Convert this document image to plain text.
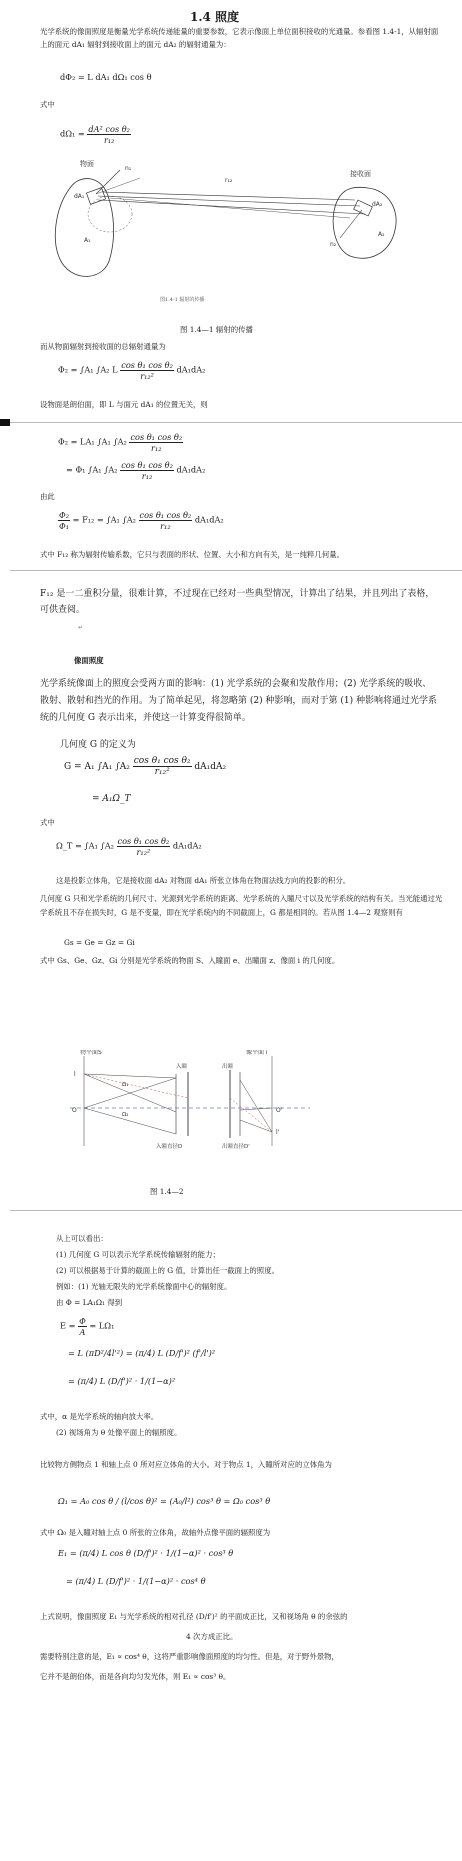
1.4 照度
光学系统的像面照度是衡量光学系统传递能量的重要参数，它表示像面上单位面积接收的光通量。参看图 1.4-1，从辐射面上的面元 dA₁ 辐射到接收面上的面元 dA₂ 的辐射通量为：
dΦ₂ = L dA₁ dΩ₁ cos θ
式中
$d\Omega_1 = \frac{\text{dA² cos θ₂}}{\text{r₁₂}}$
物面
接收面
r₁₂
n₁
n₂
dA₁
dA₂
A₁
A₂
图1.4-1 辐射的传播
图 1.4—1 辐射的传播
而从物面辐射到接收面的总辐射通量为
Φ₂ = ∫A₁ ∫A₂ L $\frac{\text{cos θ₁ cos θ₂}}{\text{r₁₂²}} dA_1dA_2$
设物面是朗伯面，即 L 与面元 dA₁ 的位置无关，则
Φ₂ = LA₁ ∫A₁ $\int A_2 \frac{\text{cos θ₁ cos θ₂}}{\text{r₁₂}}$
= Φ₁ ∫A₁ $\int A_2 \frac{\text{cos θ₁ cos θ₂}}{\text{r₁₂}} dA_1dA_2$
由此
$\frac{\text{Φ₂}}{\text{Φ₁}} = F_{12} = \int A_1$ $\int A_2 \frac{\text{cos θ₁ cos θ₂}}{\text{r₁₂}} dA_1dA_2$
式中 F₁₂ 称为辐射传输系数，它只与表面的形状、位置、大小和方向有关，是一纯粹几何量。
F₁₂ 是一二重积分量，很难计算，不过现在已经对一些典型情况，计算出了结果，并且列出了表格，可供查阅。
↵
像面照度
光学系统像面上的照度会受两方面的影响：(1) 光学系统的会聚和发散作用；(2) 光学系统的吸收、散射、散射和挡光的作用。为了简单起见，将忽略第 (2) 种影响，而对于第 (1) 种影响将通过光学系统的几何度 G 表示出来，并使这一计算变得很简单。
几何度 G 的定义为
G = A₁ ∫A₁ $\int A_2 \frac{\text{cos θ₁ cos θ₂}}{\text{r₁₂²}} dA_1dA_2$
= A₁Ω_T
式中
Ω_T = ∫A₁ $\int A_2 \frac{\text{cos θ₁ cos θ₂}}{\text{r₁₂²}} dA_1dA_2$
这是投影立体角，它是接收面 dA₂ 对物面 dA₁ 所张立体角在物面法线方向的投影的积分。
几何度 G 只和光学系统的几何尺寸、光源到光学系统的距离、光学系统的入瞳尺寸以及光学系统的结构有关。当光能通过光学系统且不存在损失时，G 是不变量，即在光学系统内的不同截面上，G 都是相同的。若从图 1.4—2 观察则有
Gs = Ge = Gz = Gi
式中 Gs、Ge、Gz、Gi 分别是光学系统的物面 S、入瞳面 e、出瞳面 z、像面 i 的几何度。
物平面S	像平面 i
入瞳	出瞳
入瞳直径D	出瞳直径D'
Ω₁
Ω₂
l
l'
O	O'
图 1.4—2
从上可以看出：
(1) 几何度 G 可以表示光学系统传输辐射的能力；
(2) 可以根据易于计算的截面上的 G 值，计算出任一截面上的照度。
例如：(1) 光轴无限失的光学系统像面中心的辐射度。
由 Φ = LA₁Ω₁ 得到
$E = \frac{\Phi}{A} = L\Omega_1$
= L (πD²/4l'²) = (π/4) L (D/f')² (f'/l')²
= (π/4) L (D/f')² · 1/(1−α)²
式中，α 是光学系统的轴向放大率。
(2) 视场角为 θ 处像平面上的辐照度。
比较物方侧物点 1 和轴上点 0 所对应立体角的大小。对于物点 1，入瞳所对应的立体角为
Ω₁ = A₀ cos θ / (l/cos θ)² = (A₀/l²) cos³ θ = Ω₀ cos³ θ
式中 Ω₀ 是入瞳对轴上点 0 所张的立体角，故轴外点像平面的辐照度为
E₁ = (π/4) L cos θ (D/f')² · 1/(1−α)² · cos³ θ
= (π/4) L (D/f')² · 1/(1−α)² · cos⁴ θ
上式说明，像面照度 E₁ 与光学系统的相对孔径 (D/f')² 的平面成正比，又和视场角 θ 的余弦的
4 次方成正比。
需要特别注意的是，E₁ ∝ cos⁴ θ，这将严重影响像面照度的均匀性。但是，对于野外景物，
它并不是朗伯体，而是各向均匀发光体，则 E₁ ∝ cos³ θ。
